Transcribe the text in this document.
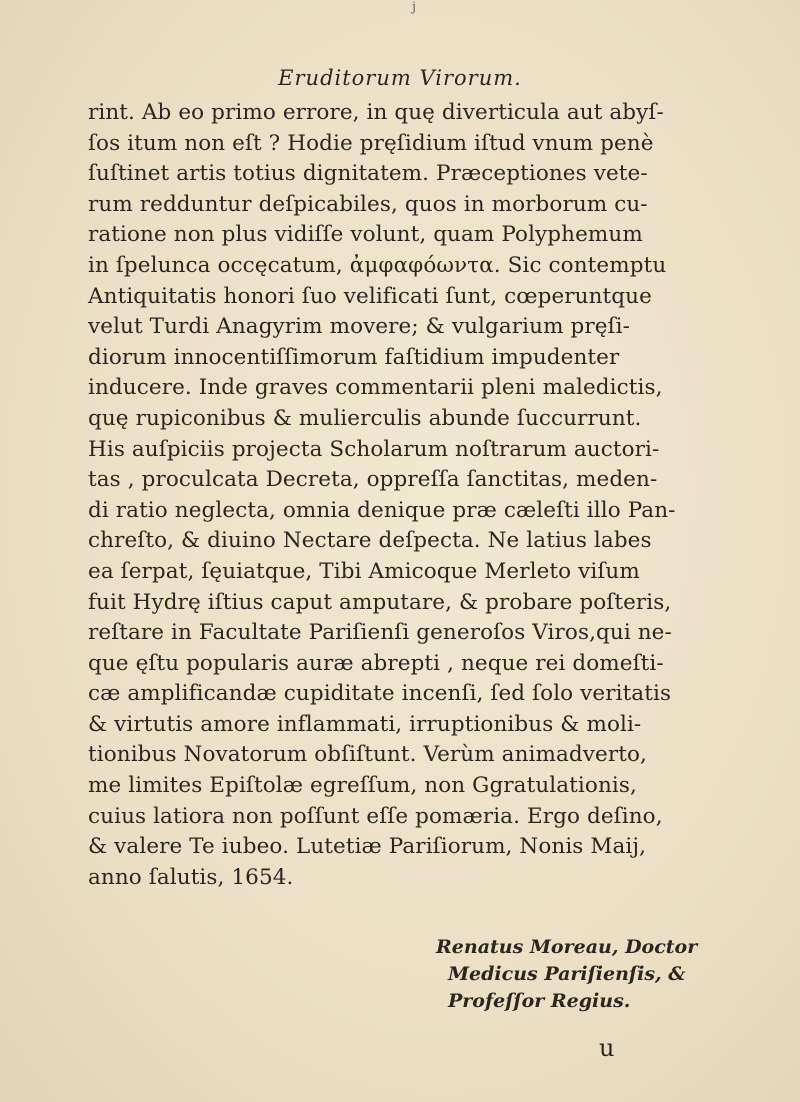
j
Eruditorum Virorum.
rint. Ab eo primo errore, in quę diverticula aut abyſ-
ſos itum non eſt ? Hodie pręſidium iſtud vnum penè
ſuſtinet artis totius dignitatem. Præceptiones vete-
rum redduntur deſpicabiles, quos in morborum cu-
ratione non plus vidiſſe volunt, quam Polyphemum
in ſpelunca occęcatum, ἀμφαφόωντα. Sic contemptu
Antiquitatis honori ſuo velificati ſunt, cœperuntque
velut Turdi Anagyrim movere; & vulgarium pręſi-
diorum innocentiſſimorum faſtidium impudenter
inducere. Inde graves commentarii pleni maledictis,
quę rupiconibus & mulierculis abunde ſuccurrunt.
His auſpiciis projecta Scholarum noſtrarum auctori-
tas , proculcata Decreta, oppreſſa ſanctitas, meden-
di ratio neglecta, omnia denique præ cæleſti illo Pan-
chreſto, & diuino Nectare deſpecta. Ne latius labes
ea ſerpat, ſęuiatque, Tibi Amicoque Merleto viſum
fuit Hydrę iſtius caput amputare, & probare poſteris,
reſtare in Facultate Pariſienſi generoſos Viros,qui ne-
que ęſtu popularis auræ abrepti , neque rei domeſti-
cæ amplificandæ cupiditate incenſi, ſed ſolo veritatis
& virtutis amore inflammati, irruptionibus & moli-
tionibus Novatorum obſiſtunt. Verùm animadverto,
me limites Epiſtolæ egreſſum, non Ggratulationis,
cuius latiora non poſſunt eſſe pomæria. Ergo deſino,
& valere Te iubeo. Lutetiæ Pariſiorum, Nonis Maij,
anno ſalutis, 1654.
Renatus Moreau, Doctor
Medicus Pariſienſis, &
Profeſſor Regius.
u
